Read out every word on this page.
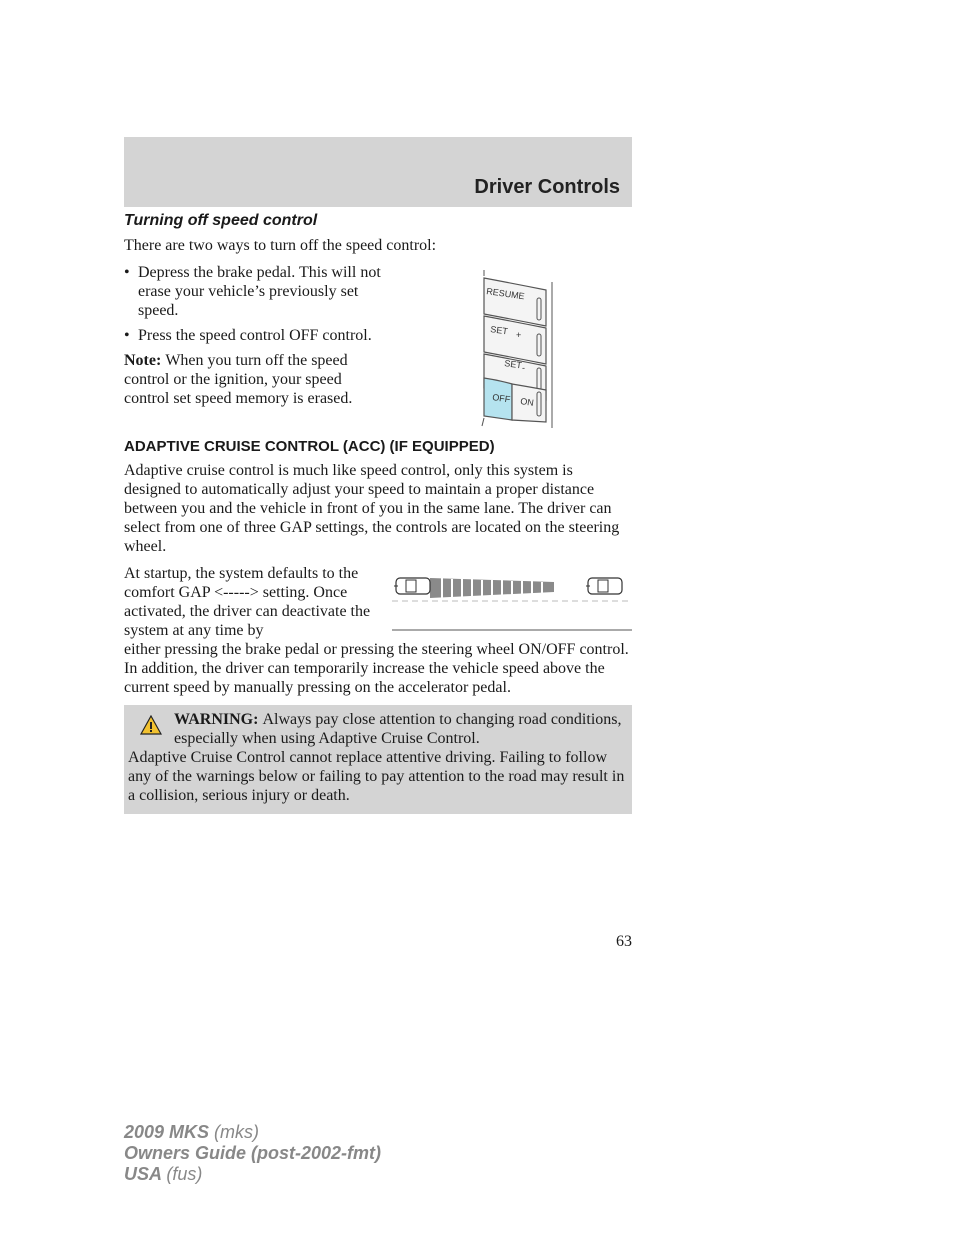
Driver Controls
RESUME
SET +
SET -
OFF ON
Turning off speed control

There are two ways to turn off the speed control:

• Depress the brake pedal. This will not erase your vehicle’s previously set speed.
• Press the speed control OFF control.

Note: When you turn off the speed control or the ignition, your speed control set speed memory is erased.

ADAPTIVE CRUISE CONTROL (ACC) (IF EQUIPPED)

Adaptive cruise control is much like speed control, only this system is designed to automatically adjust your speed to maintain a proper distance between you and the vehicle in front of you in the same lane. The driver can select from one of three GAP settings, the controls are located on the steering wheel.

At startup, the system defaults to the comfort GAP <-----> setting. Once activated, the driver can deactivate the system at any time by

either pressing the brake pedal or pressing the steering wheel ON/OFF control. In addition, the driver can temporarily increase the vehicle speed above the current speed by manually pressing on the accelerator pedal.

WARNING: Always pay close attention to changing road conditions, especially when using Adaptive Cruise Control.

Adaptive Cruise Control cannot replace attentive driving. Failing to follow any of the warnings below or failing to pay attention to the road may result in a collision, serious injury or death.

63

2009 MKS (mks)

Owners Guide (post-2002-fmt)

USA (fus)
